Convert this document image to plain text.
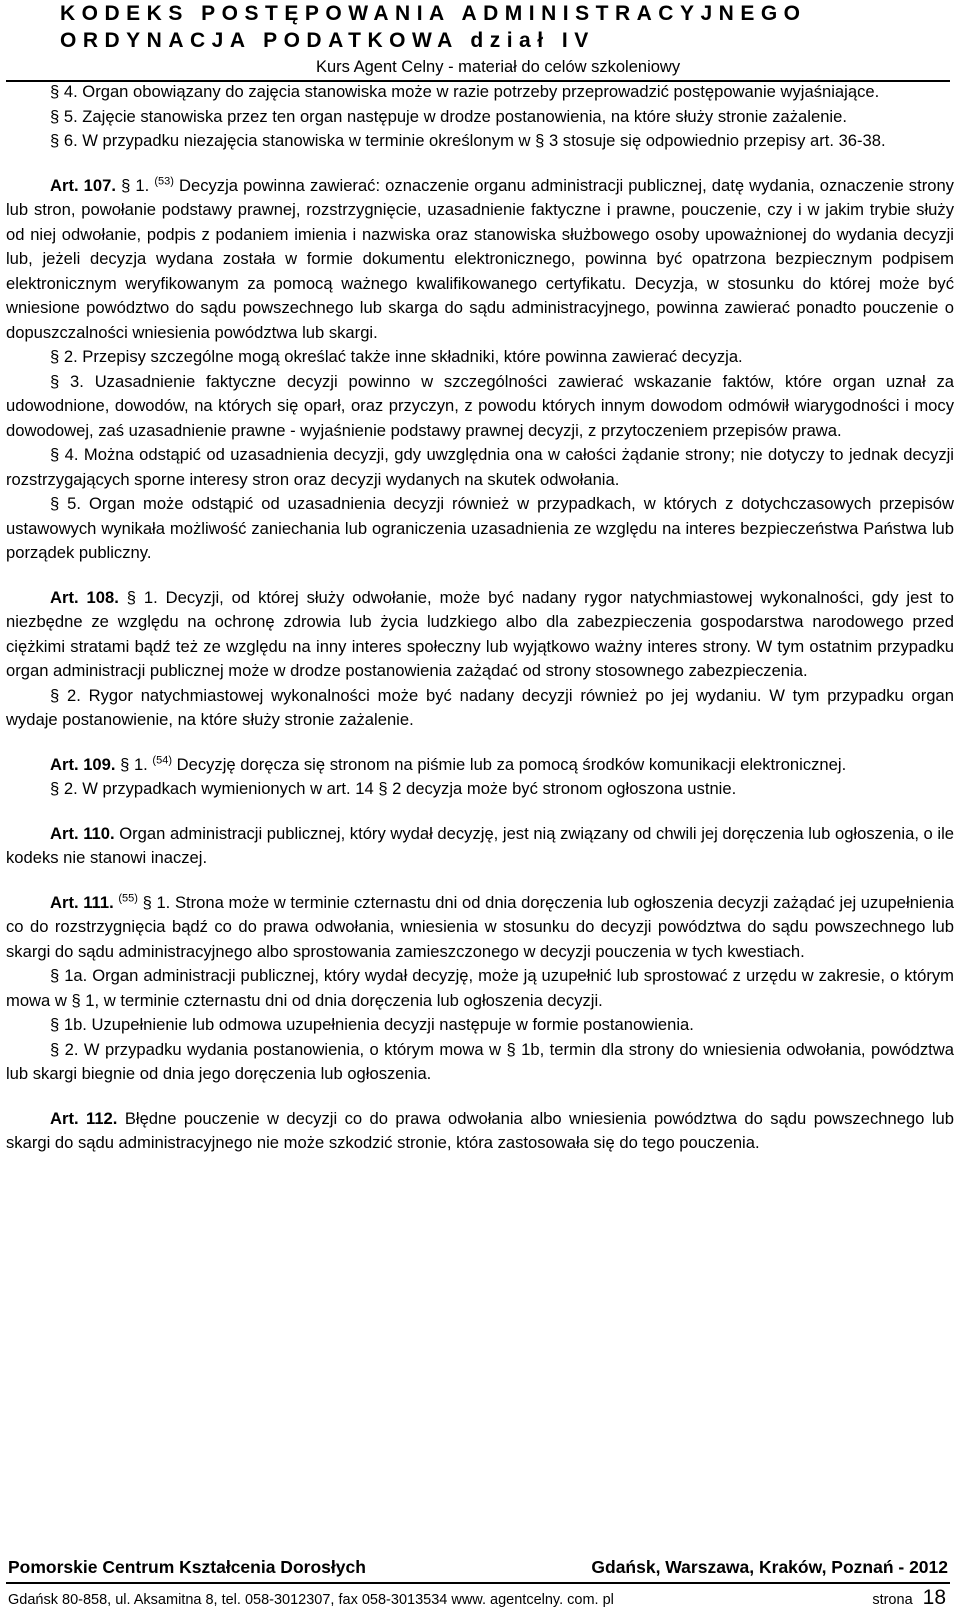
KODEKS POSTĘPOWANIA ADMINISTRACYJNEGO
ORDYNACJA PODATKOWA dział IV
Kurs Agent Celny - materiał do celów szkoleniowy

§ 4. Organ obowiązany do zajęcia stanowiska może w razie potrzeby przeprowadzić postępowanie wyjaśniające.

§ 5. Zajęcie stanowiska przez ten organ następuje w drodze postanowienia, na które służy stronie zażalenie.

§ 6. W przypadku niezajęcia stanowiska w terminie określonym w § 3 stosuje się odpowiednio przepisy art. 36-38.

Art. 107. § 1. $^{(53)}$ Decyzja powinna zawierać: oznaczenie organu administracji publicznej, datę wydania, oznaczenie strony lub stron, powołanie podstawy prawnej, rozstrzygnięcie, uzasadnienie faktyczne i prawne, pouczenie, czy i w jakim trybie służy od niej odwołanie, podpis z podaniem imienia i nazwiska oraz stanowiska służbowego osoby upoważnionej do wydania decyzji lub, jeżeli decyzja wydana została w formie dokumentu elektronicznego, powinna być opatrzona bezpiecznym podpisem elektronicznym weryfikowanym za pomocą ważnego kwalifikowanego certyfikatu. Decyzja, w stosunku do której może być wniesione powództwo do sądu powszechnego lub skarga do sądu administracyjnego, powinna zawierać ponadto pouczenie o dopuszczalności wniesienia powództwa lub skargi.

§ 2. Przepisy szczególne mogą określać także inne składniki, które powinna zawierać decyzja.

§ 3. Uzasadnienie faktyczne decyzji powinno w szczególności zawierać wskazanie faktów, które organ uznał za udowodnione, dowodów, na których się oparł, oraz przyczyn, z powodu których innym dowodom odmówił wiarygodności i mocy dowodowej, zaś uzasadnienie prawne - wyjaśnienie podstawy prawnej decyzji, z przytoczeniem przepisów prawa.

§ 4. Można odstąpić od uzasadnienia decyzji, gdy uwzględnia ona w całości żądanie strony; nie dotyczy to jednak decyzji rozstrzygających sporne interesy stron oraz decyzji wydanych na skutek odwołania.

§ 5. Organ może odstąpić od uzasadnienia decyzji również w przypadkach, w których z dotychczasowych przepisów ustawowych wynikała możliwość zaniechania lub ograniczenia uzasadnienia ze względu na interes bezpieczeństwa Państwa lub porządek publiczny.

Art. 108. § 1. Decyzji, od której służy odwołanie, może być nadany rygor natychmiastowej wykonalności, gdy jest to niezbędne ze względu na ochronę zdrowia lub życia ludzkiego albo dla zabezpieczenia gospodarstwa narodowego przed ciężkimi stratami bądź też ze względu na inny interes społeczny lub wyjątkowo ważny interes strony. W tym ostatnim przypadku organ administracji publicznej może w drodze postanowienia zażądać od strony stosownego zabezpieczenia.

§ 2. Rygor natychmiastowej wykonalności może być nadany decyzji również po jej wydaniu. W tym przypadku organ wydaje postanowienie, na które służy stronie zażalenie.

Art. 109. § 1. $^{(54)}$ Decyzję doręcza się stronom na piśmie lub za pomocą środków komunikacji elektronicznej.

§ 2. W przypadkach wymienionych w art. 14 § 2 decyzja może być stronom ogłoszona ustnie.

Art. 110. Organ administracji publicznej, który wydał decyzję, jest nią związany od chwili jej doręczenia lub ogłoszenia, o ile kodeks nie stanowi inaczej.

Art. 111. $^{(55)}$ § 1. Strona może w terminie czternastu dni od dnia doręczenia lub ogłoszenia decyzji zażądać jej uzupełnienia co do rozstrzygnięcia bądź co do prawa odwołania, wniesienia w stosunku do decyzji powództwa do sądu powszechnego lub skargi do sądu administracyjnego albo sprostowania zamieszczonego w decyzji pouczenia w tych kwestiach.

§ 1a. Organ administracji publicznej, który wydał decyzję, może ją uzupełnić lub sprostować z urzędu w zakresie, o którym mowa w § 1, w terminie czternastu dni od dnia doręczenia lub ogłoszenia decyzji.

§ 1b. Uzupełnienie lub odmowa uzupełnienia decyzji następuje w formie postanowienia.

§ 2. W przypadku wydania postanowienia, o którym mowa w § 1b, termin dla strony do wniesienia odwołania, powództwa lub skargi biegnie od dnia jego doręczenia lub ogłoszenia.

Art. 112. Błędne pouczenie w decyzji co do prawa odwołania albo wniesienia powództwa do sądu powszechnego lub skargi do sądu administracyjnego nie może szkodzić stronie, która zastosowała się do tego pouczenia.

Pomorskie Centrum Kształcenia Dorosłych	Gdańsk, Warszawa, Kraków, Poznań - 2012
Gdańsk 80-858, ul. Aksamitna 8, tel. 058-3012307, fax 058-3013534 www. agentcelny. com. pl	strona 18
